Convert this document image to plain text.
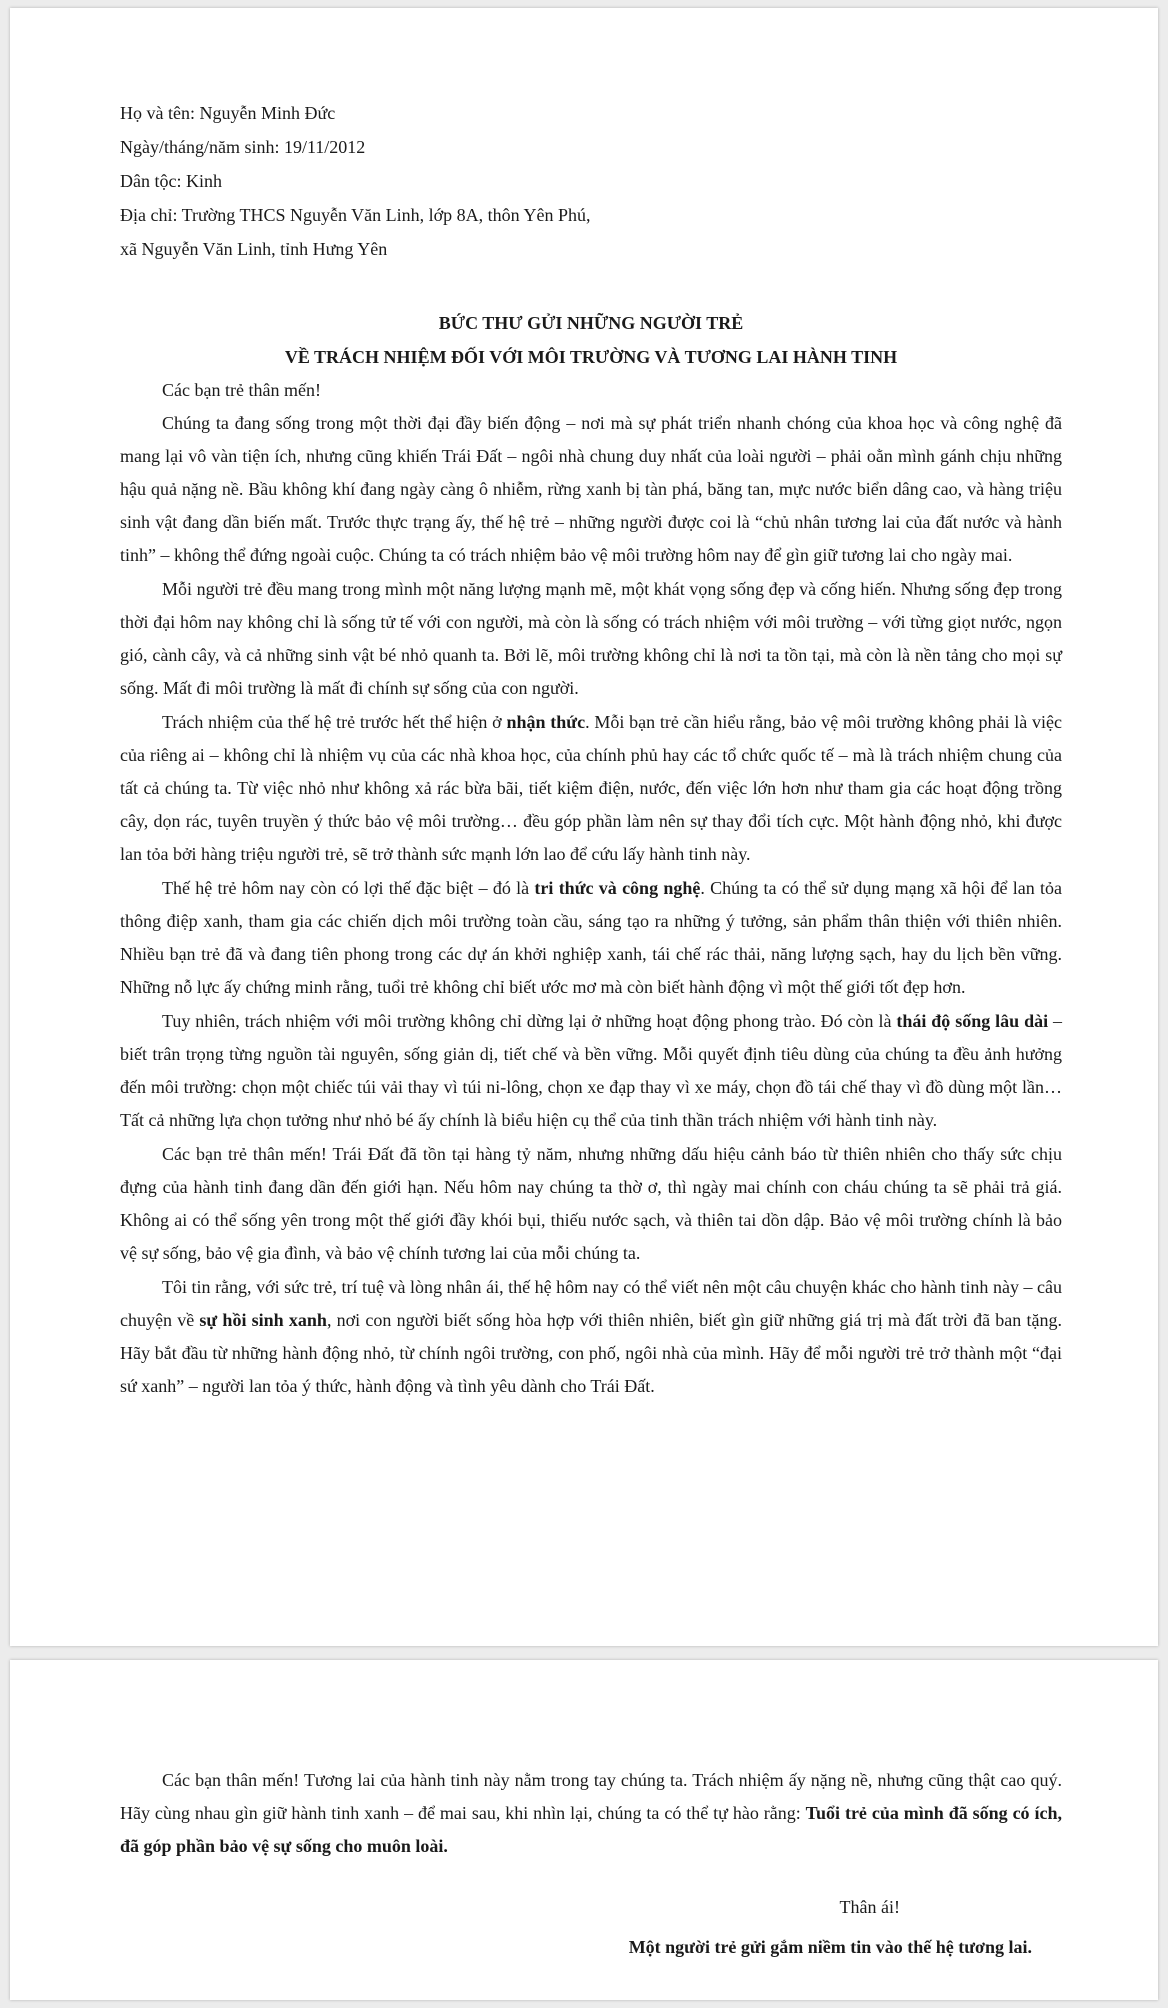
Họ và tên: Nguyễn Minh Đức

Ngày/tháng/năm sinh: 19/11/2012

Dân tộc: Kinh

Địa chỉ: Trường THCS Nguyễn Văn Linh, lớp 8A, thôn Yên Phú,

xã Nguyễn Văn Linh, tỉnh Hưng Yên

BỨC THƯ GỬI NHỮNG NGƯỜI TRẺ
VỀ TRÁCH NHIỆM ĐỐI VỚI MÔI TRƯỜNG VÀ TƯƠNG LAI HÀNH TINH

Các bạn trẻ thân mến!

Chúng ta đang sống trong một thời đại đầy biến động – nơi mà sự phát triển nhanh chóng của khoa học và công nghệ đã mang lại vô vàn tiện ích, nhưng cũng khiến Trái Đất – ngôi nhà chung duy nhất của loài người – phải oằn mình gánh chịu những hậu quả nặng nề. Bầu không khí đang ngày càng ô nhiễm, rừng xanh bị tàn phá, băng tan, mực nước biển dâng cao, và hàng triệu sinh vật đang dần biến mất. Trước thực trạng ấy, thế hệ trẻ – những người được coi là “chủ nhân tương lai của đất nước và hành tinh” – không thể đứng ngoài cuộc. Chúng ta có trách nhiệm bảo vệ môi trường hôm nay để gìn giữ tương lai cho ngày mai.

Mỗi người trẻ đều mang trong mình một năng lượng mạnh mẽ, một khát vọng sống đẹp và cống hiến. Nhưng sống đẹp trong thời đại hôm nay không chỉ là sống tử tế với con người, mà còn là sống có trách nhiệm với môi trường – với từng giọt nước, ngọn gió, cành cây, và cả những sinh vật bé nhỏ quanh ta. Bởi lẽ, môi trường không chỉ là nơi ta tồn tại, mà còn là nền tảng cho mọi sự sống. Mất đi môi trường là mất đi chính sự sống của con người.

Trách nhiệm của thế hệ trẻ trước hết thể hiện ở nhận thức. Mỗi bạn trẻ cần hiểu rằng, bảo vệ môi trường không phải là việc của riêng ai – không chỉ là nhiệm vụ của các nhà khoa học, của chính phủ hay các tổ chức quốc tế – mà là trách nhiệm chung của tất cả chúng ta. Từ việc nhỏ như không xả rác bừa bãi, tiết kiệm điện, nước, đến việc lớn hơn như tham gia các hoạt động trồng cây, dọn rác, tuyên truyền ý thức bảo vệ môi trường… đều góp phần làm nên sự thay đổi tích cực. Một hành động nhỏ, khi được lan tỏa bởi hàng triệu người trẻ, sẽ trở thành sức mạnh lớn lao để cứu lấy hành tinh này.

Thế hệ trẻ hôm nay còn có lợi thế đặc biệt – đó là tri thức và công nghệ. Chúng ta có thể sử dụng mạng xã hội để lan tỏa thông điệp xanh, tham gia các chiến dịch môi trường toàn cầu, sáng tạo ra những ý tưởng, sản phẩm thân thiện với thiên nhiên. Nhiều bạn trẻ đã và đang tiên phong trong các dự án khởi nghiệp xanh, tái chế rác thải, năng lượng sạch, hay du lịch bền vững. Những nỗ lực ấy chứng minh rằng, tuổi trẻ không chỉ biết ước mơ mà còn biết hành động vì một thế giới tốt đẹp hơn.

Tuy nhiên, trách nhiệm với môi trường không chỉ dừng lại ở những hoạt động phong trào. Đó còn là thái độ sống lâu dài – biết trân trọng từng nguồn tài nguyên, sống giản dị, tiết chế và bền vững. Mỗi quyết định tiêu dùng của chúng ta đều ảnh hưởng đến môi trường: chọn một chiếc túi vải thay vì túi ni-lông, chọn xe đạp thay vì xe máy, chọn đồ tái chế thay vì đồ dùng một lần… Tất cả những lựa chọn tưởng như nhỏ bé ấy chính là biểu hiện cụ thể của tinh thần trách nhiệm với hành tinh này.

Các bạn trẻ thân mến! Trái Đất đã tồn tại hàng tỷ năm, nhưng những dấu hiệu cảnh báo từ thiên nhiên cho thấy sức chịu đựng của hành tinh đang dần đến giới hạn. Nếu hôm nay chúng ta thờ ơ, thì ngày mai chính con cháu chúng ta sẽ phải trả giá. Không ai có thể sống yên trong một thế giới đầy khói bụi, thiếu nước sạch, và thiên tai dồn dập. Bảo vệ môi trường chính là bảo vệ sự sống, bảo vệ gia đình, và bảo vệ chính tương lai của mỗi chúng ta.

Tôi tin rằng, với sức trẻ, trí tuệ và lòng nhân ái, thế hệ hôm nay có thể viết nên một câu chuyện khác cho hành tinh này – câu chuyện về sự hồi sinh xanh, nơi con người biết sống hòa hợp với thiên nhiên, biết gìn giữ những giá trị mà đất trời đã ban tặng. Hãy bắt đầu từ những hành động nhỏ, từ chính ngôi trường, con phố, ngôi nhà của mình. Hãy để mỗi người trẻ trở thành một “đại sứ xanh” – người lan tỏa ý thức, hành động và tình yêu dành cho Trái Đất.

Các bạn thân mến! Tương lai của hành tinh này nằm trong tay chúng ta. Trách nhiệm ấy nặng nề, nhưng cũng thật cao quý. Hãy cùng nhau gìn giữ hành tinh xanh – để mai sau, khi nhìn lại, chúng ta có thể tự hào rằng: Tuổi trẻ của mình đã sống có ích, đã góp phần bảo vệ sự sống cho muôn loài.

Thân ái!

Một người trẻ gửi gắm niềm tin vào thế hệ tương lai.
